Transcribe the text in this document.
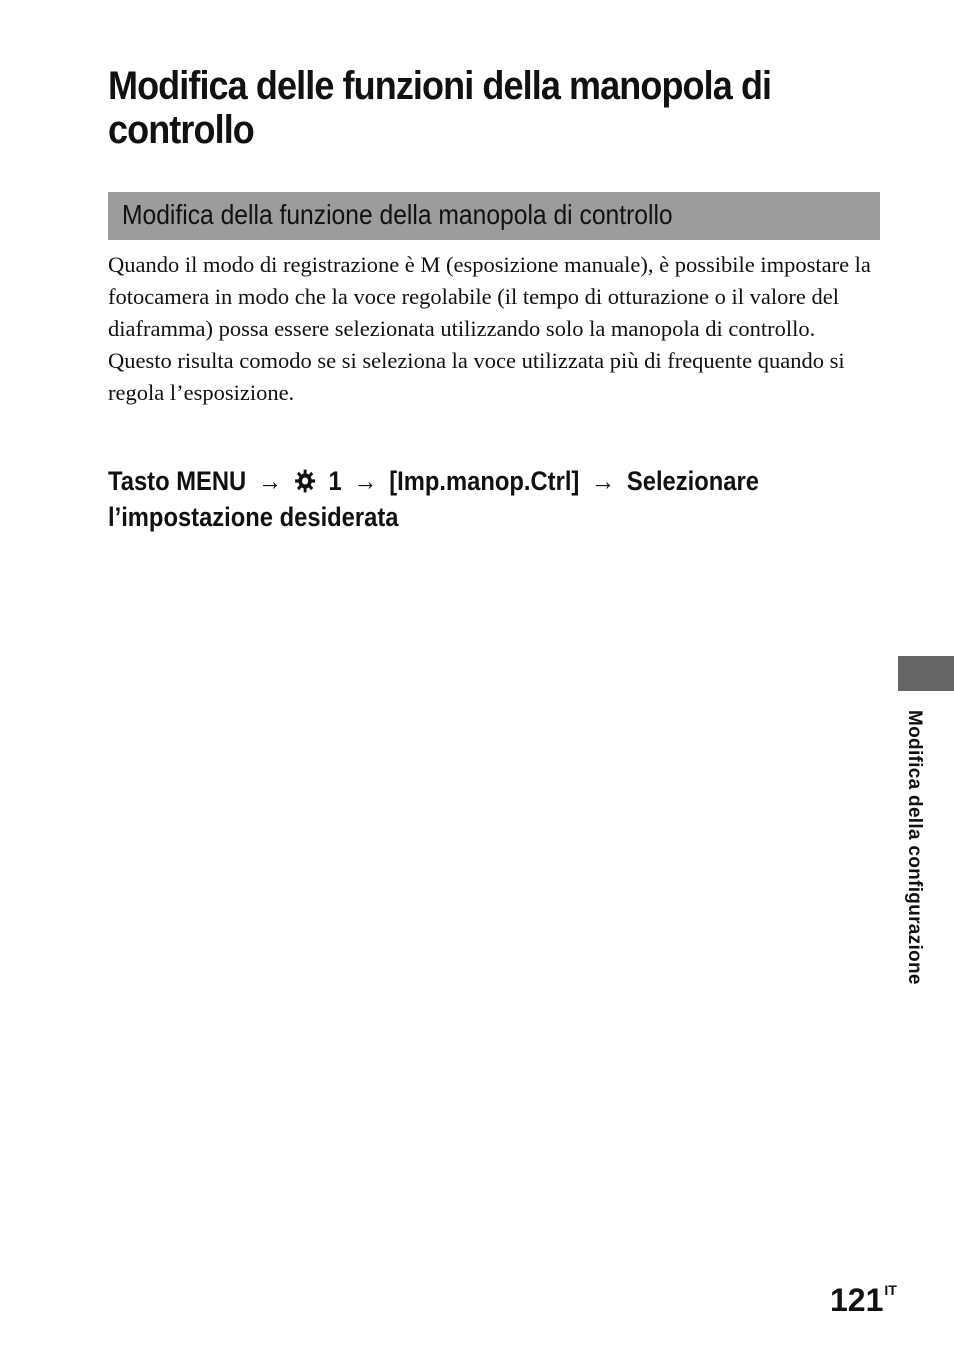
Modifica delle funzioni della manopola di controllo
Modifica della funzione della manopola di controllo

Quando il modo di registrazione è M (esposizione manuale), è possibile impostare la fotocamera in modo che la voce regolabile (il tempo di otturazione o il valore del diaframma) possa essere selezionata utilizzando solo la manopola di controllo.

Questo risulta comodo se si seleziona la voce utilizzata più di frequente quando si regola l’esposizione.

Tasto MENU → 1 → [Imp.manop.Ctrl] → Selezionare l’impostazione desiderata
Modifica della configurazione
$121^{IT}$
